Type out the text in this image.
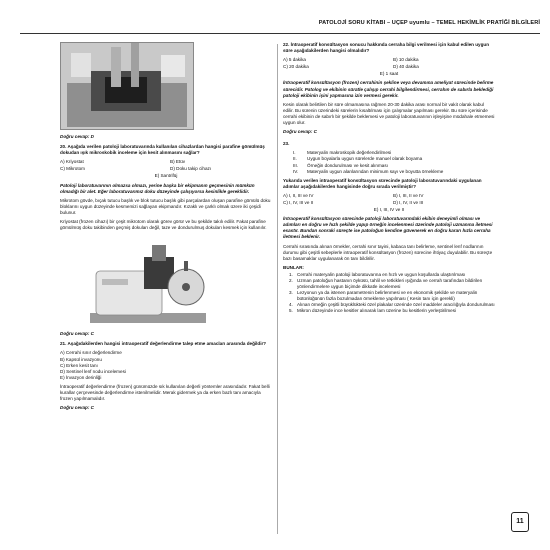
PATOLOJİ SORU KİTABI – UÇEP uyumlu – TEMEL HEKİMLİK PRATİĞİ BİLGİLERİ

Doğru cevap: D

20. Aşağıda verilen patoloji laboratuvarında kullanılan cihazlardan hangisi parafine gömülmüş dokudan ışık mikroskobik inceleme için kesit alınmasını sağlar?

A) Kriyostat	B) Etüv
C) Mikrotom	D) Doku takip cihazı
E) Santrifüj

Patoloji laboratuvarının olmazsa olmazı, yerine başka bir ekipmanın geçmesinin mümkün olmadığı bir alet. Eğer laboratuvarımız doku düzeyinde çalışıyorsa kesinlikle gereklidir.

Mikrotom gövde, bıçak tutucu başlık ve blok tutucu başlık gibi parçalardan oluşan parafine gömülü doku bloklarını uygun düzeyinde kesmemizi sağlayan ekipmandır. Kızaklı ve çarklı olmak üzere iki çeşidi bulunur.

Kriyostat (frozen cihazı) bir çeşit mikrotom olarak görev görür ve bu şekilde takılı edilir. Fakat parafine gömülmüş doku takibinden geçmiş dokuları değil, taze ve dondurulmuş dokuları kesmek için kullanılır.

Doğru cevap: C

21. Aşağıdakilerden hangisi intraoperatif değerlendirme talep etme amacları arasında değildir?

A) Cerrahi sınır değerlendirme
B) Kapsül invazyonu
C) Erken kesit tanı
D) Sentinel lenf nodu incelemesi
E) İnvazyon derinliği

İntraoperatif değerlendirme (frozen) günümüzde sık kullanılan değerli yöntemler arasındadır. Fakat belli kurallar çerçevesinde değerlendirme istenilmelidir. Merak gidermek ya da erken bazlı tanı amacıyla frozen yapılmamalıdır.

Doğru cevap: C

22. İntraoperatif konsültasyon sonucu hakkında cerraha bilgi verilmesi için kabul edilen uygun süre aşağıdakilerden hangisi olmalıdır?

A) 5 dakika	B) 10 dakika
C) 20 dakika	D) 40 dakika
E) 1 saat

İntraoperatif konsültasyon (frozen) cerrahinin şekline veya devamına ameliyat sürecinde belirme sürecidir. Patolog ve ekibinin süratle çalışıp cerrahi bilgilendirmesi, cerrahın de sabırla beklediği patoloji ekibinin işini yapmasına izin vermesi gerekir.

Kesin olarak belirtilen bir süre olmamasına rağmen 20-30 dakika arası normal bir vakit olarak kabul edilir. Bu sürenin üzerindeki sürelerin kısaltılması için çalışmalar yapılması gerekir. Bu süre içerisinde cerrahi ekibinin de sabırlı bir şekilde beklemesi ve patoloji laboratuvarının işleyişine müdahale etmemesi uygun olur.

Doğru cevap: C

23.

I.	Materyalin makroskopik değerlendirilmesi
II.	Uygun boyalarla uygun sürelerde manuel olarak boyama
III.	Örneğin dondurulması ve kesit alınması
IV.	Materyalin uygun alanlarından minimum sayı ve boyutta örnekleme

Yukarıda verilen intraoperatif konsültasyon sürecinde patoloji laboratuvarındaki uygulanan adımlar aşağıdakilerden hangisinde doğru sırada verilmiştir?

A) I, II, III ve IV	B) I, III, II ve IV
C) I, IV, III ve II	D) I, IV, II ve III
E) I, III, IV ve II

İntraoperatif konsültasyon sürecinde patoloji laboratuvarındaki ekibin deneyimli olması ve adımları en doğru ve hızlı şekilde yapıp örneğin incelenmesi üzerinde patoloji uzmanına iletmesi esastır. Bundan sonraki süreçte ise patoloğun kendine güvenerek en doğru kararı hızla cerraha iletmesi beklenir.

Cerrahi sırasında alınan örnekler, cerrahi sınır tayini, kabaca tanı belirleme, sentinel lenf nodlarının durumu gibi çeşitli sebeplerle intraoperatif konsültasyon (frozen) sürecine ihtiyaç duyulabilir. Bu süreçte bazı basamaklar uygulanarak ön tanı bildirilir.

BUNLAR:

1. Cerrahi materyalin patoloji laboratuvarına en hızlı ve uygun koşullarda ulaştırılması
2. Uzman patoloğun hastanın öyküsü, tahlil ve tetkikleri ışığında ve cerrah tarafından bildirilen yönlendirmelere uygun biçimde dikkatle incelemesi
3. Lezyonun ya da istenen parametrenin belirlenmesi ve en ekonomik şekilde ve materyalin bütünlüğünün fazla bozulmadan örnekleme yapılması ( Kesin tanı için gerekli)
4. Alınan örneğin çeşitli büyüklükteki özel plakalar üzerinde özel maddeler aracılığıyla dondurulması
5. Mikron düzeyinde ince kesitler alınarak lam üzerine bu kesitlerin yerleştirilmesi
11
